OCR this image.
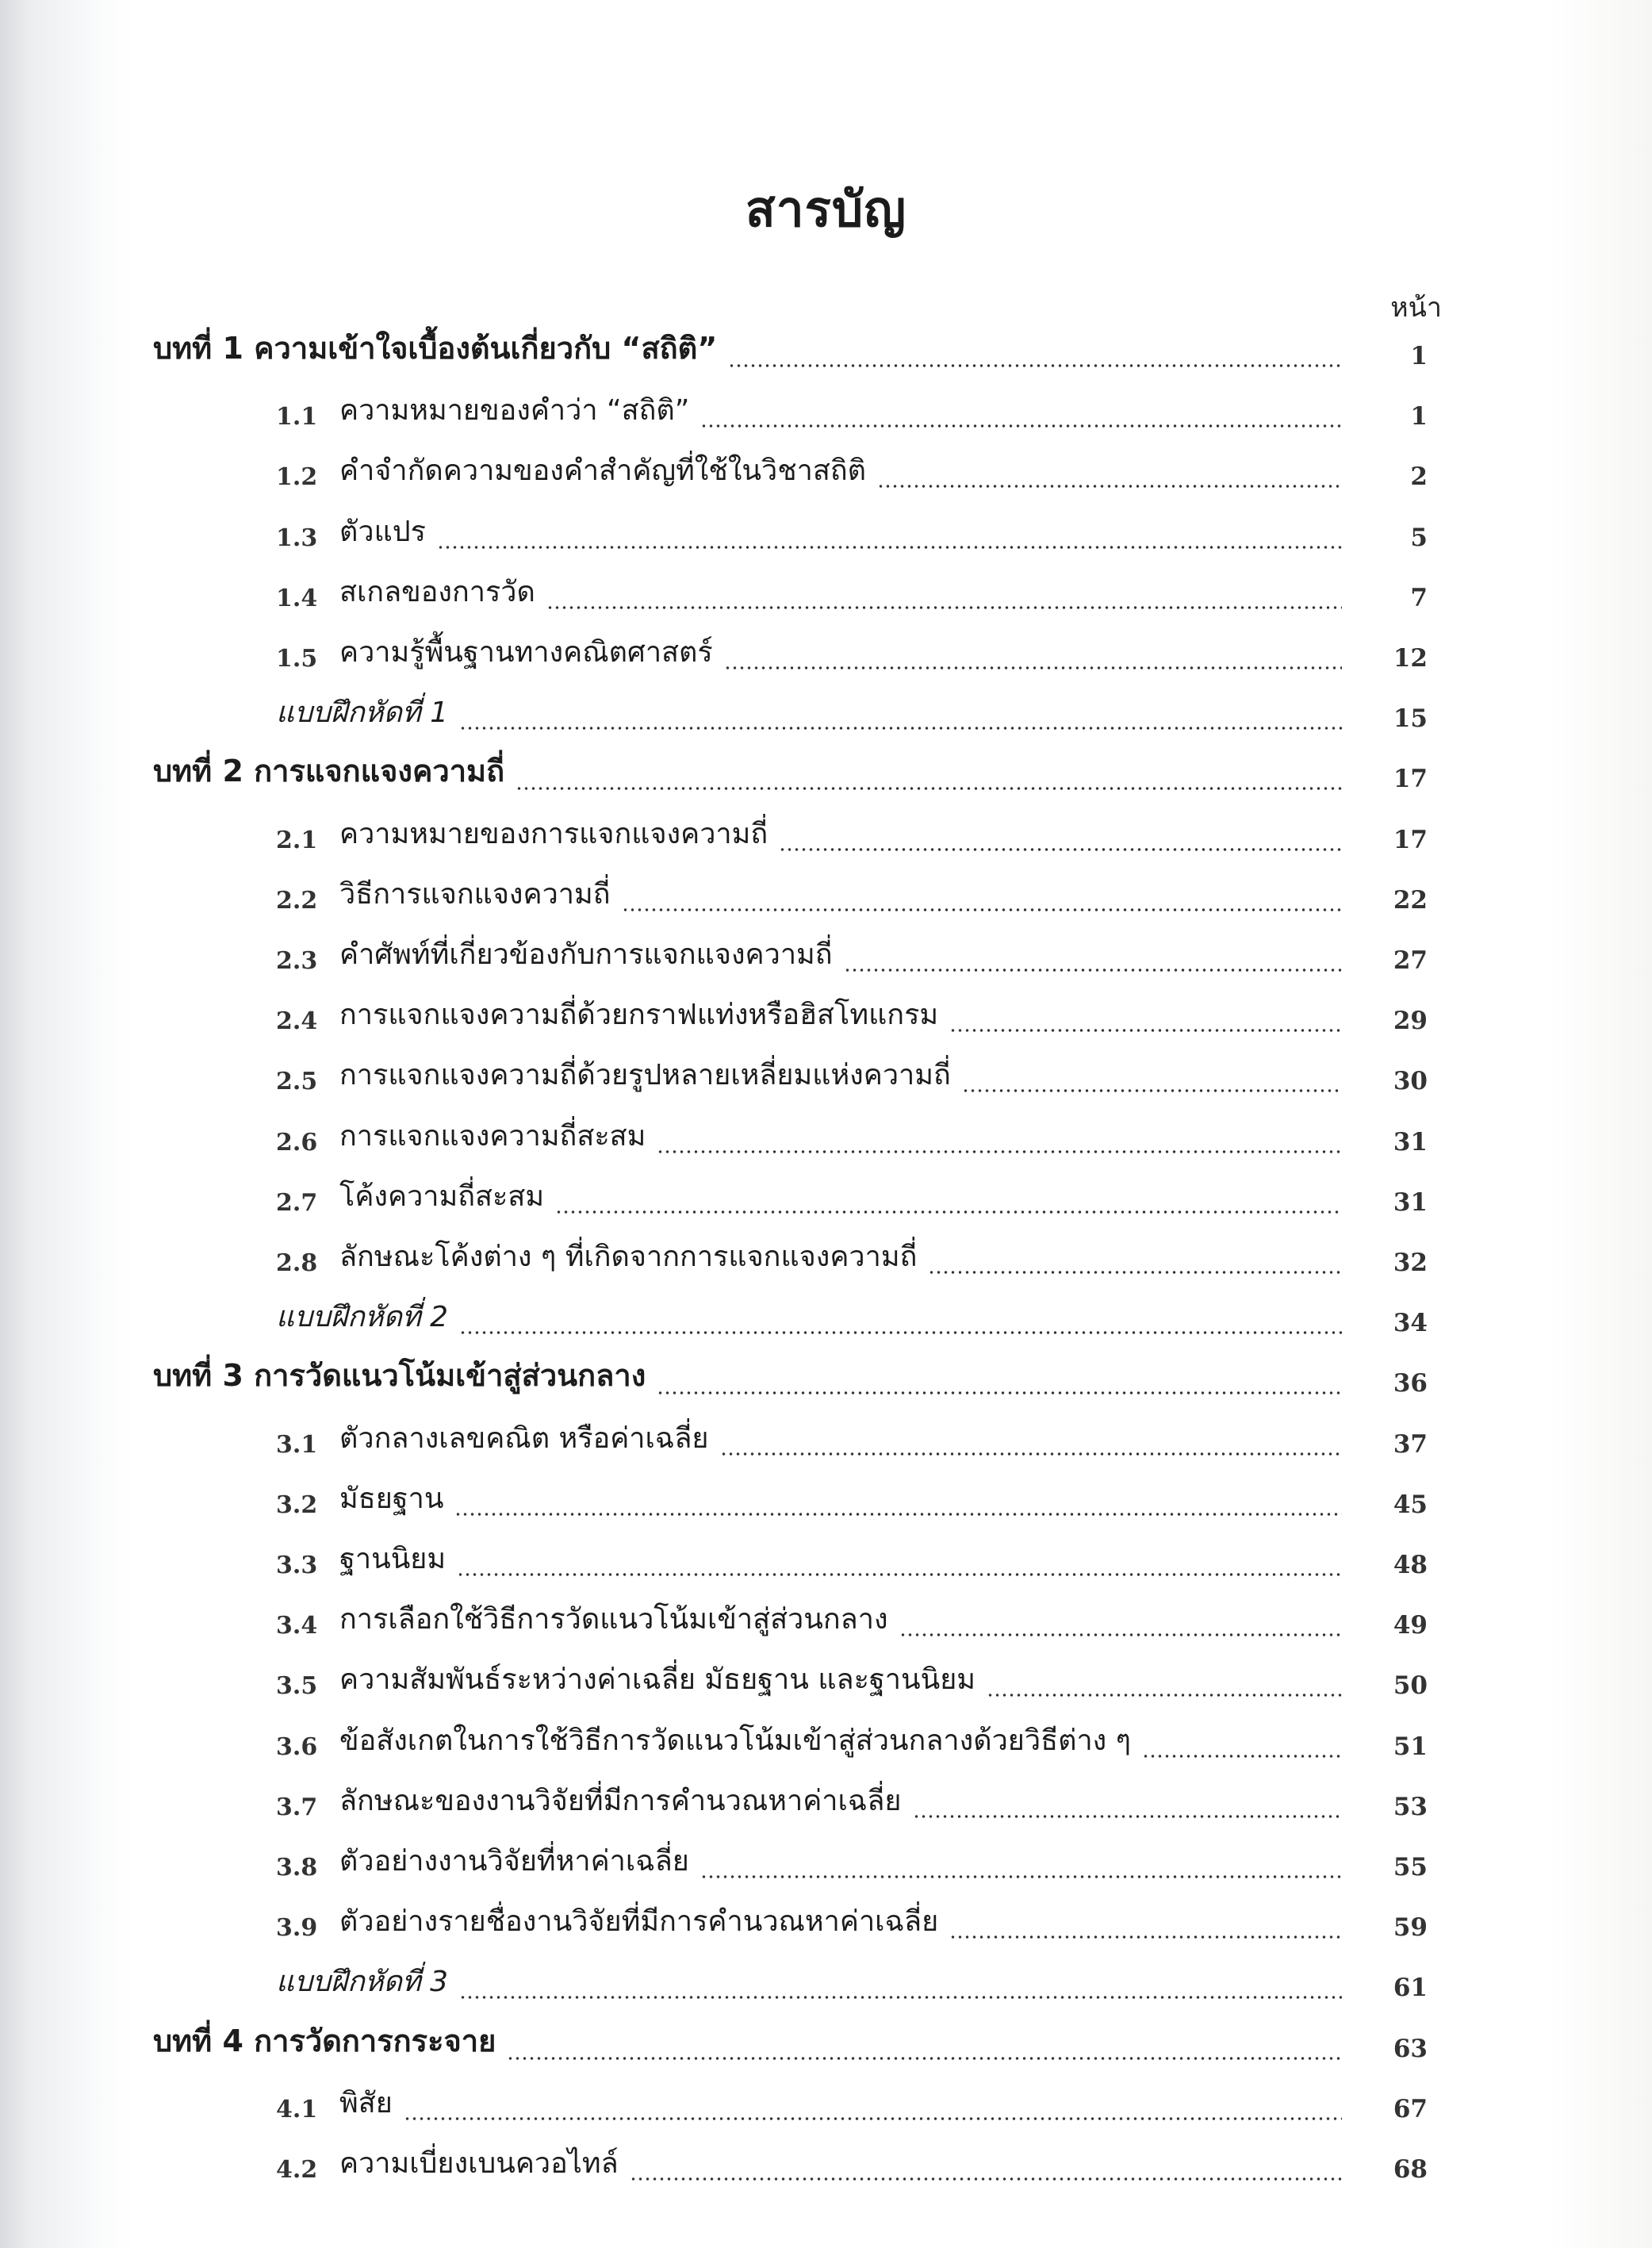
สารบัญ
หน้า
บทที่ 1 ความเข้าใจเบื้องต้นเกี่ยวกับ “สถิติ”	1
1.1 ความหมายของคำว่า “สถิติ”	1
1.2 คำจำกัดความของคำสำคัญที่ใช้ในวิชาสถิติ	2
1.3 ตัวแปร	5
1.4 สเกลของการวัด	7
1.5 ความรู้พื้นฐานทางคณิตศาสตร์	12
แบบฝึกหัดที่ 1	15
บทที่ 2 การแจกแจงความถี่	17
2.1 ความหมายของการแจกแจงความถี่	17
2.2 วิธีการแจกแจงความถี่	22
2.3 คำศัพท์ที่เกี่ยวข้องกับการแจกแจงความถี่	27
2.4 การแจกแจงความถี่ด้วยกราฟแท่งหรือฮิสโทแกรม	29
2.5 การแจกแจงความถี่ด้วยรูปหลายเหลี่ยมแห่งความถี่	30
2.6 การแจกแจงความถี่สะสม	31
2.7 โค้งความถี่สะสม	31
2.8 ลักษณะโค้งต่าง ๆ ที่เกิดจากการแจกแจงความถี่	32
แบบฝึกหัดที่ 2	34
บทที่ 3 การวัดแนวโน้มเข้าสู่ส่วนกลาง	36
3.1 ตัวกลางเลขคณิต หรือค่าเฉลี่ย	37
3.2 มัธยฐาน	45
3.3 ฐานนิยม	48
3.4 การเลือกใช้วิธีการวัดแนวโน้มเข้าสู่ส่วนกลาง	49
3.5 ความสัมพันธ์ระหว่างค่าเฉลี่ย มัธยฐาน และฐานนิยม	50
3.6 ข้อสังเกตในการใช้วิธีการวัดแนวโน้มเข้าสู่ส่วนกลางด้วยวิธีต่าง ๆ	51
3.7 ลักษณะของงานวิจัยที่มีการคำนวณหาค่าเฉลี่ย	53
3.8 ตัวอย่างงานวิจัยที่หาค่าเฉลี่ย	55
3.9 ตัวอย่างรายชื่องานวิจัยที่มีการคำนวณหาค่าเฉลี่ย	59
แบบฝึกหัดที่ 3	61
บทที่ 4 การวัดการกระจาย	63
4.1 พิสัย	67
4.2 ความเบี่ยงเบนควอไทล์	68
